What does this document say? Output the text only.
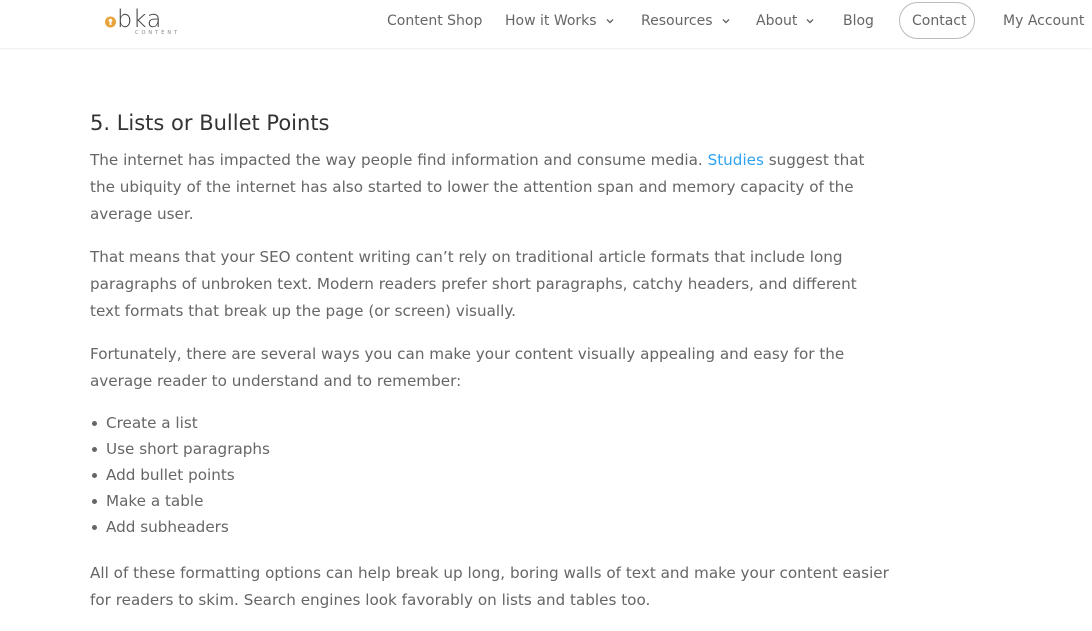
bka
CONTENT
Content Shop How it Works	Resources	About	Blog	Contact	My Account
5. Lists or Bullet Points

The internet has impacted the way people find information and consume media. Studies suggest that the ubiquity of the internet has also started to lower the attention span and memory capacity of the average user.

That means that your SEO content writing can’t rely on traditional article formats that include long paragraphs of unbroken text. Modern readers prefer short paragraphs, catchy headers, and different text formats that break up the page (or screen) visually.

Fortunately, there are several ways you can make your content visually appealing and easy for the average reader to understand and to remember:

Create a list
Use short paragraphs
Add bullet points
Make a table
Add subheaders

All of these formatting options can help break up long, boring walls of text and make your content easier for readers to skim. Search engines look favorably on lists and tables too.
